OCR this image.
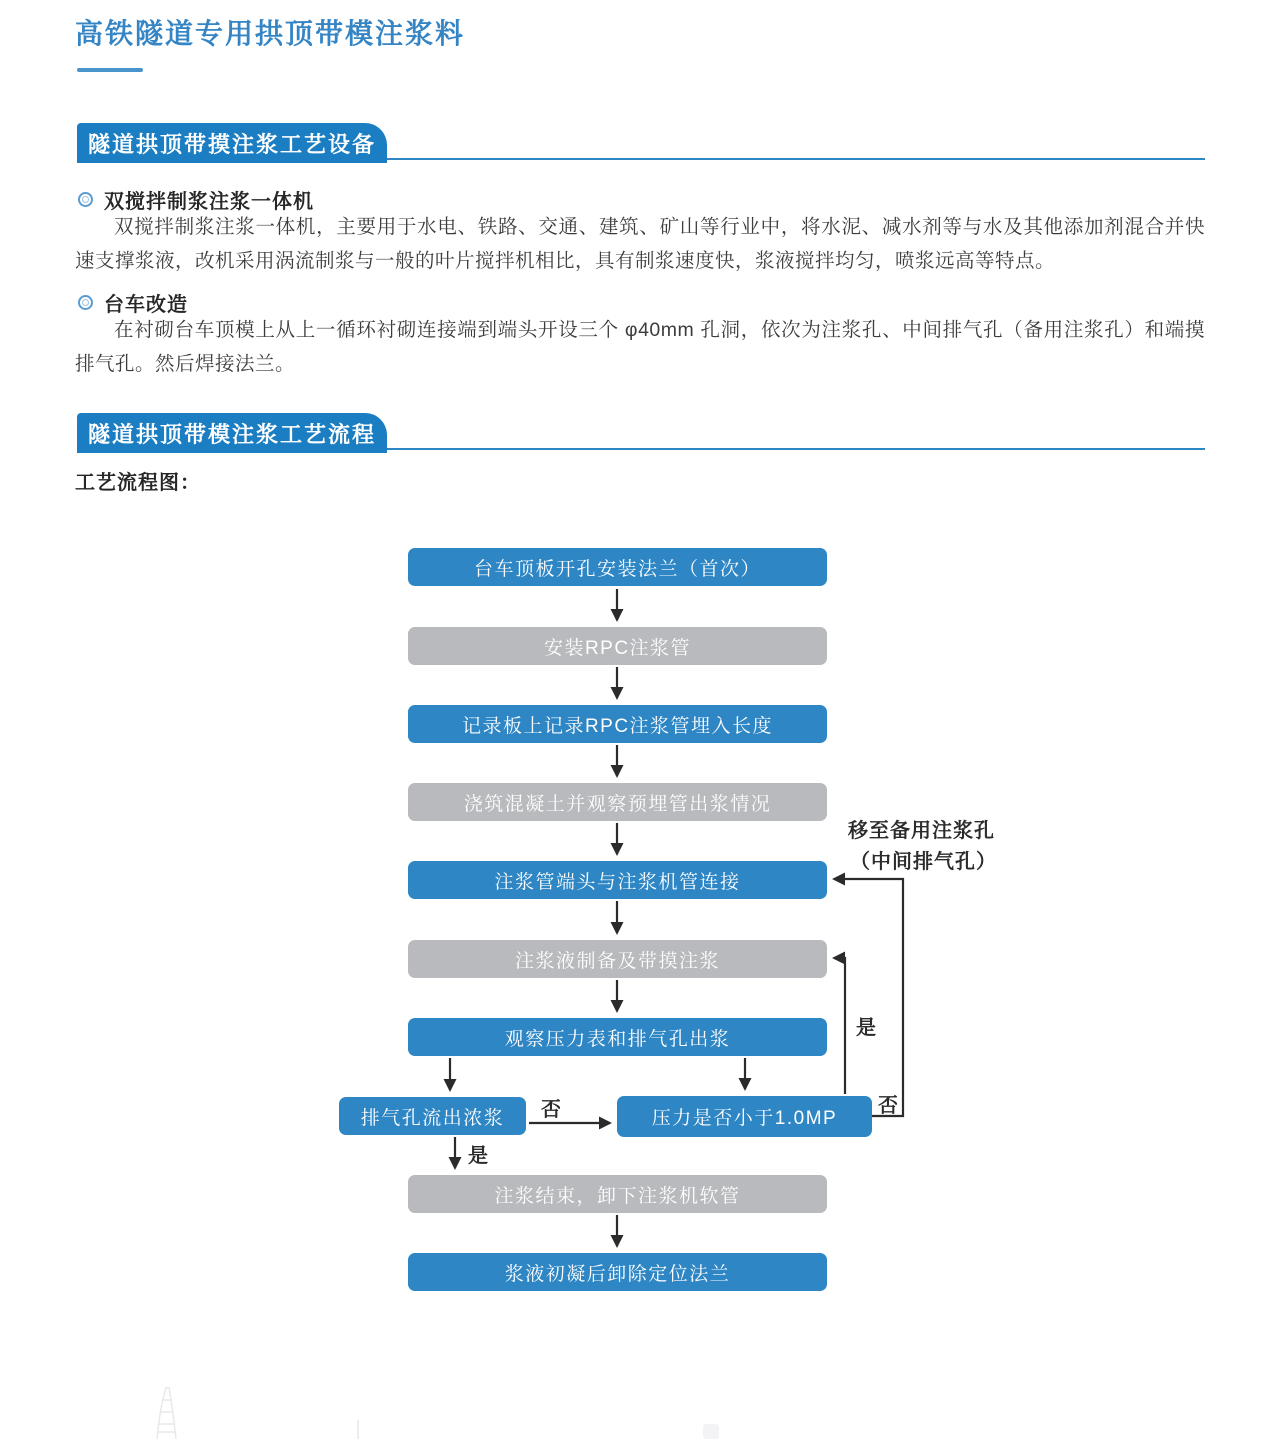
高铁隧道专用拱顶带模注浆料
隧道拱顶带摸注浆工艺设备
双搅拌制浆注浆一体机
双搅拌制浆注浆一体机，主要用于水电、铁路、交通、建筑、矿山等行业中，将水泥、减水剂等与水及其他添加剂混合并快速支撑浆液，改机采用涡流制浆与一般的叶片搅拌机相比，具有制浆速度快，浆液搅拌均匀，喷浆远高等特点。
台车改造
在衬砌台车顶模上从上一循环衬砌连接端到端头开设三个 φ40mm 孔洞，依次为注浆孔、中间排气孔（备用注浆孔）和端摸排气孔。然后焊接法兰。
隧道拱顶带模注浆工艺流程
工艺流程图：
台车顶板开孔安装法兰（首次）
安装RPC注浆管
记录板上记录RPC注浆管埋入长度
浇筑混凝土并观察预埋管出浆情况
注浆管端头与注浆机管连接
注浆液制备及带摸注浆
观察压力表和排气孔出浆
排气孔流出浓浆	压力是否小于1.0MP
注浆结束，卸下注浆机软管
浆液初凝后卸除定位法兰
移至备用注浆孔
（中间排气孔）
是
否
否
是
